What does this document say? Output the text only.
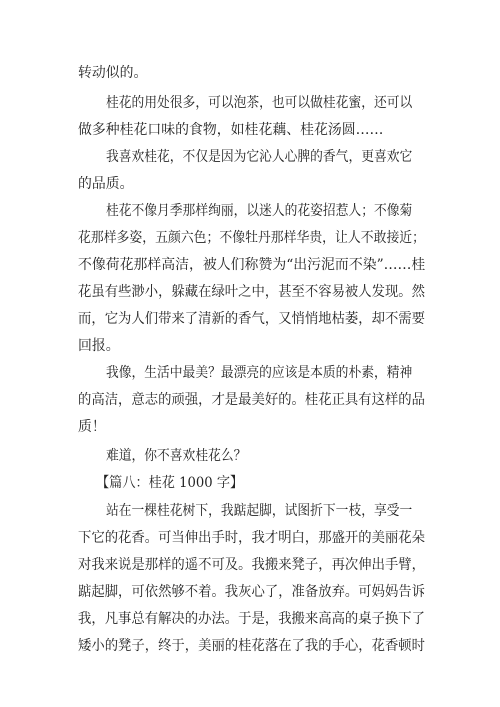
转动似的。
桂花的用处很多，可以泡茶，也可以做桂花蜜，还可以
做多种桂花口味的食物，如桂花藕、桂花汤圆……
我喜欢桂花，不仅是因为它沁人心脾的香气，更喜欢它
的品质。
桂花不像月季那样绚丽，以迷人的花姿招惹人；不像菊
花那样多姿，五颜六色；不像牡丹那样华贵，让人不敢接近；
不像荷花那样高洁，被人们称赞为“出污泥而不染”……桂
花虽有些渺小，躲藏在绿叶之中，甚至不容易被人发现。然
而，它为人们带来了清新的香气，又悄悄地枯萎，却不需要
回报。
我像，生活中最美？最漂亮的应该是本质的朴素，精神
的高洁，意志的顽强，才是最美好的。桂花正具有这样的品
质！
难道，你不喜欢桂花么？
【篇八：桂花 1000 字】
站在一棵桂花树下，我踮起脚，试图折下一枝，享受一
下它的花香。可当伸出手时，我才明白，那盛开的美丽花朵
对我来说是那样的遥不可及。我搬来凳子，再次伸出手臂，
踮起脚，可依然够不着。我灰心了，准备放弃。可妈妈告诉
我，凡事总有解决的办法。于是，我搬来高高的桌子换下了
矮小的凳子，终于，美丽的桂花落在了我的手心，花香顿时
